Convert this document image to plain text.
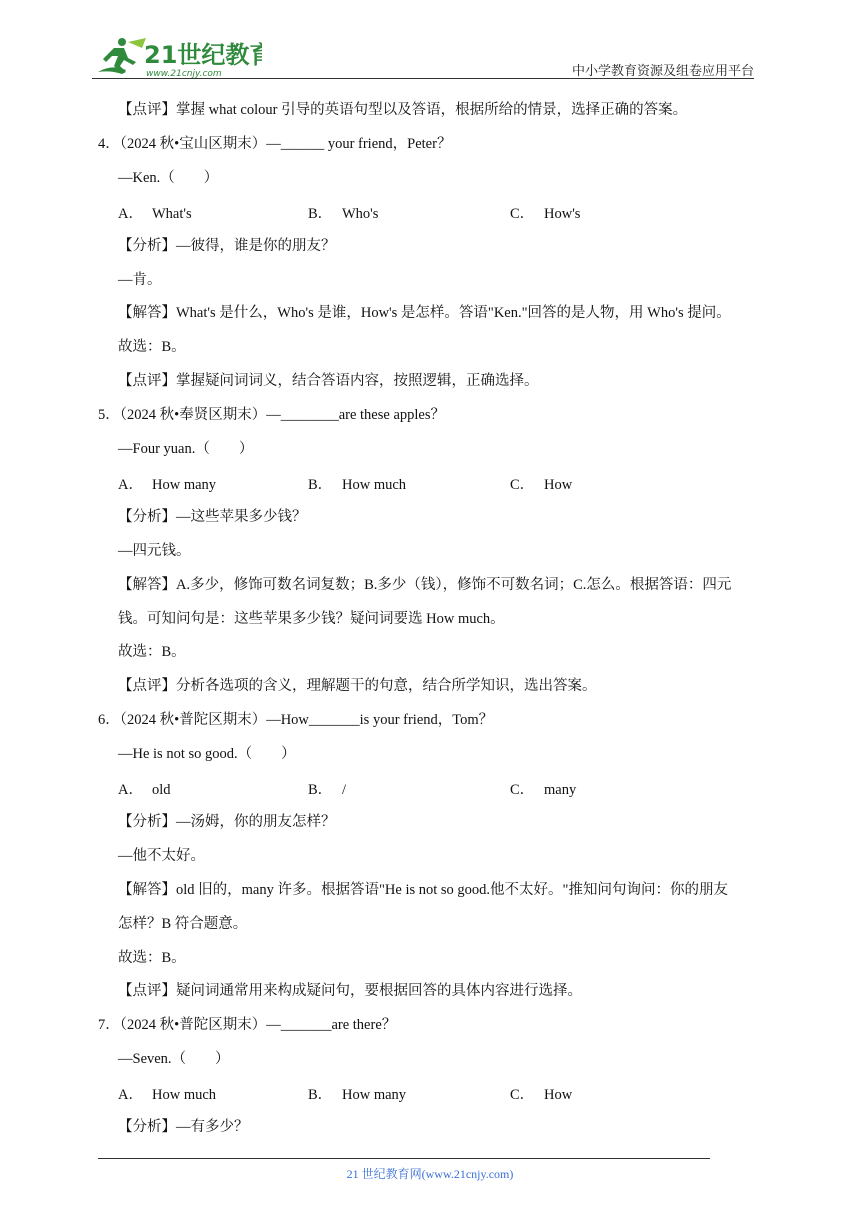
21世纪教育
www.21cnjy.com	中小学教育资源及组卷应用平台
【点评】掌握 what colour 引导的英语句型以及答语，根据所给的情景，选择正确的答案。
4．（2024 秋•宝山区期末）—______ your friend，Peter？
—Ken.（　　）
A． What's	B． Who's	C． How's
【分析】—彼得，谁是你的朋友？
—肯。
【解答】What's 是什么，Who's 是谁，How's 是怎样。答语"Ken."回答的是人物，用 Who's 提问。
故选：B。
【点评】掌握疑问词词义，结合答语内容，按照逻辑，正确选择。
5．（2024 秋•奉贤区期末）—________are these apples？
—Four yuan.（　　）
A． How many	B． How much	C． How
【分析】—这些苹果多少钱？
—四元钱。
【解答】A.多少，修饰可数名词复数；B.多少（钱），修饰不可数名词；C.怎么。根据答语：四元
钱。可知问句是：这些苹果多少钱？疑问词要选 How much。
故选：B。
【点评】分析各选项的含义，理解题干的句意，结合所学知识，选出答案。
6．（2024 秋•普陀区期末）—How_______is your friend，Tom？
—He is not so good.（　　）
A． old	B． /	C． many
【分析】—汤姆，你的朋友怎样？
—他不太好。
【解答】old 旧的，many 许多。根据答语"He is not so good.他不太好。"推知问句询问：你的朋友
怎样？B 符合题意。
故选：B。
【点评】疑问词通常用来构成疑问句，要根据回答的具体内容进行选择。
7．（2024 秋•普陀区期末）—_______are there？
—Seven.（　　）
A． How much	B． How many	C． How
【分析】—有多少？
21 世纪教育网(www.21cnjy.com)
